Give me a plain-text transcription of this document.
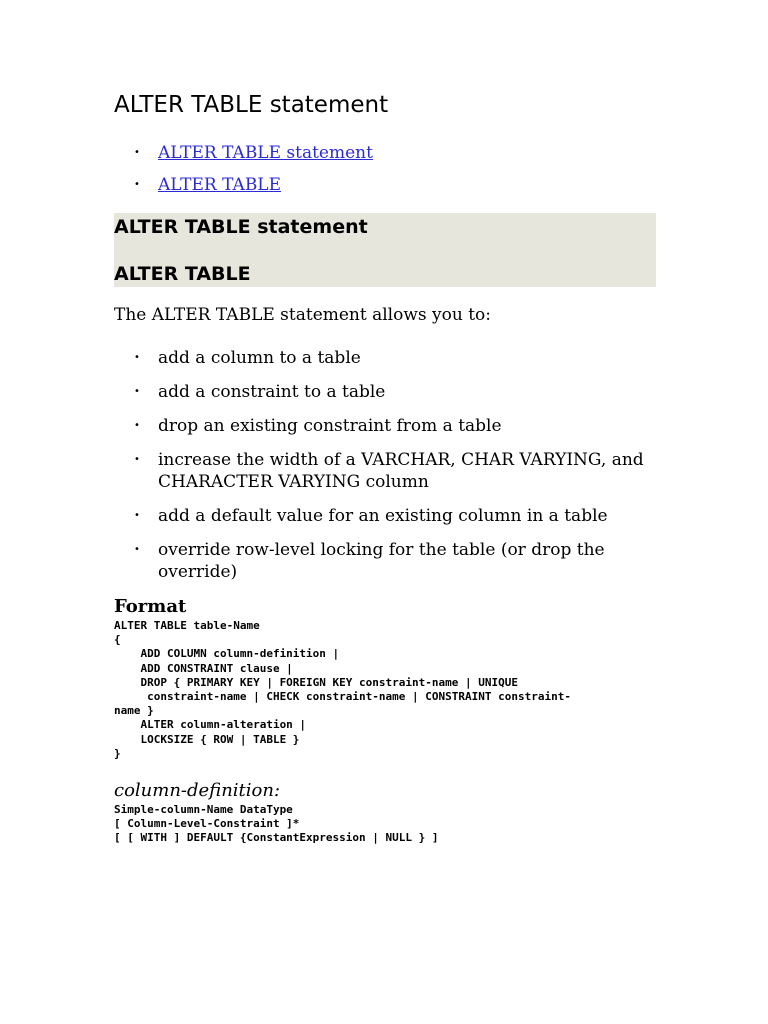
ALTER TABLE statement
• ALTER TABLE statement
• ALTER TABLE
ALTER TABLE statement
ALTER TABLE

The ALTER TABLE statement allows you to:

• add a column to a table
• add a constraint to a table
• drop an existing constraint from a table
• increase the width of a VARCHAR, CHAR VARYING, and CHARACTER VARYING column
• add a default value for an existing column in a table
• override row-level locking for the table (or drop the override)
Format
ALTER TABLE table-Name
{
ADD COLUMN column-definition |
ADD CONSTRAINT clause |
DROP { PRIMARY KEY | FOREIGN KEY constraint-name | UNIQUE
constraint-name | CHECK constraint-name | CONSTRAINT constraint-
name }
ALTER column-alteration |
LOCKSIZE { ROW | TABLE }
}
column-definition:
Simple-column-Name DataType
[ Column-Level-Constraint ]*
[ [ WITH ] DEFAULT {ConstantExpression | NULL } ]
